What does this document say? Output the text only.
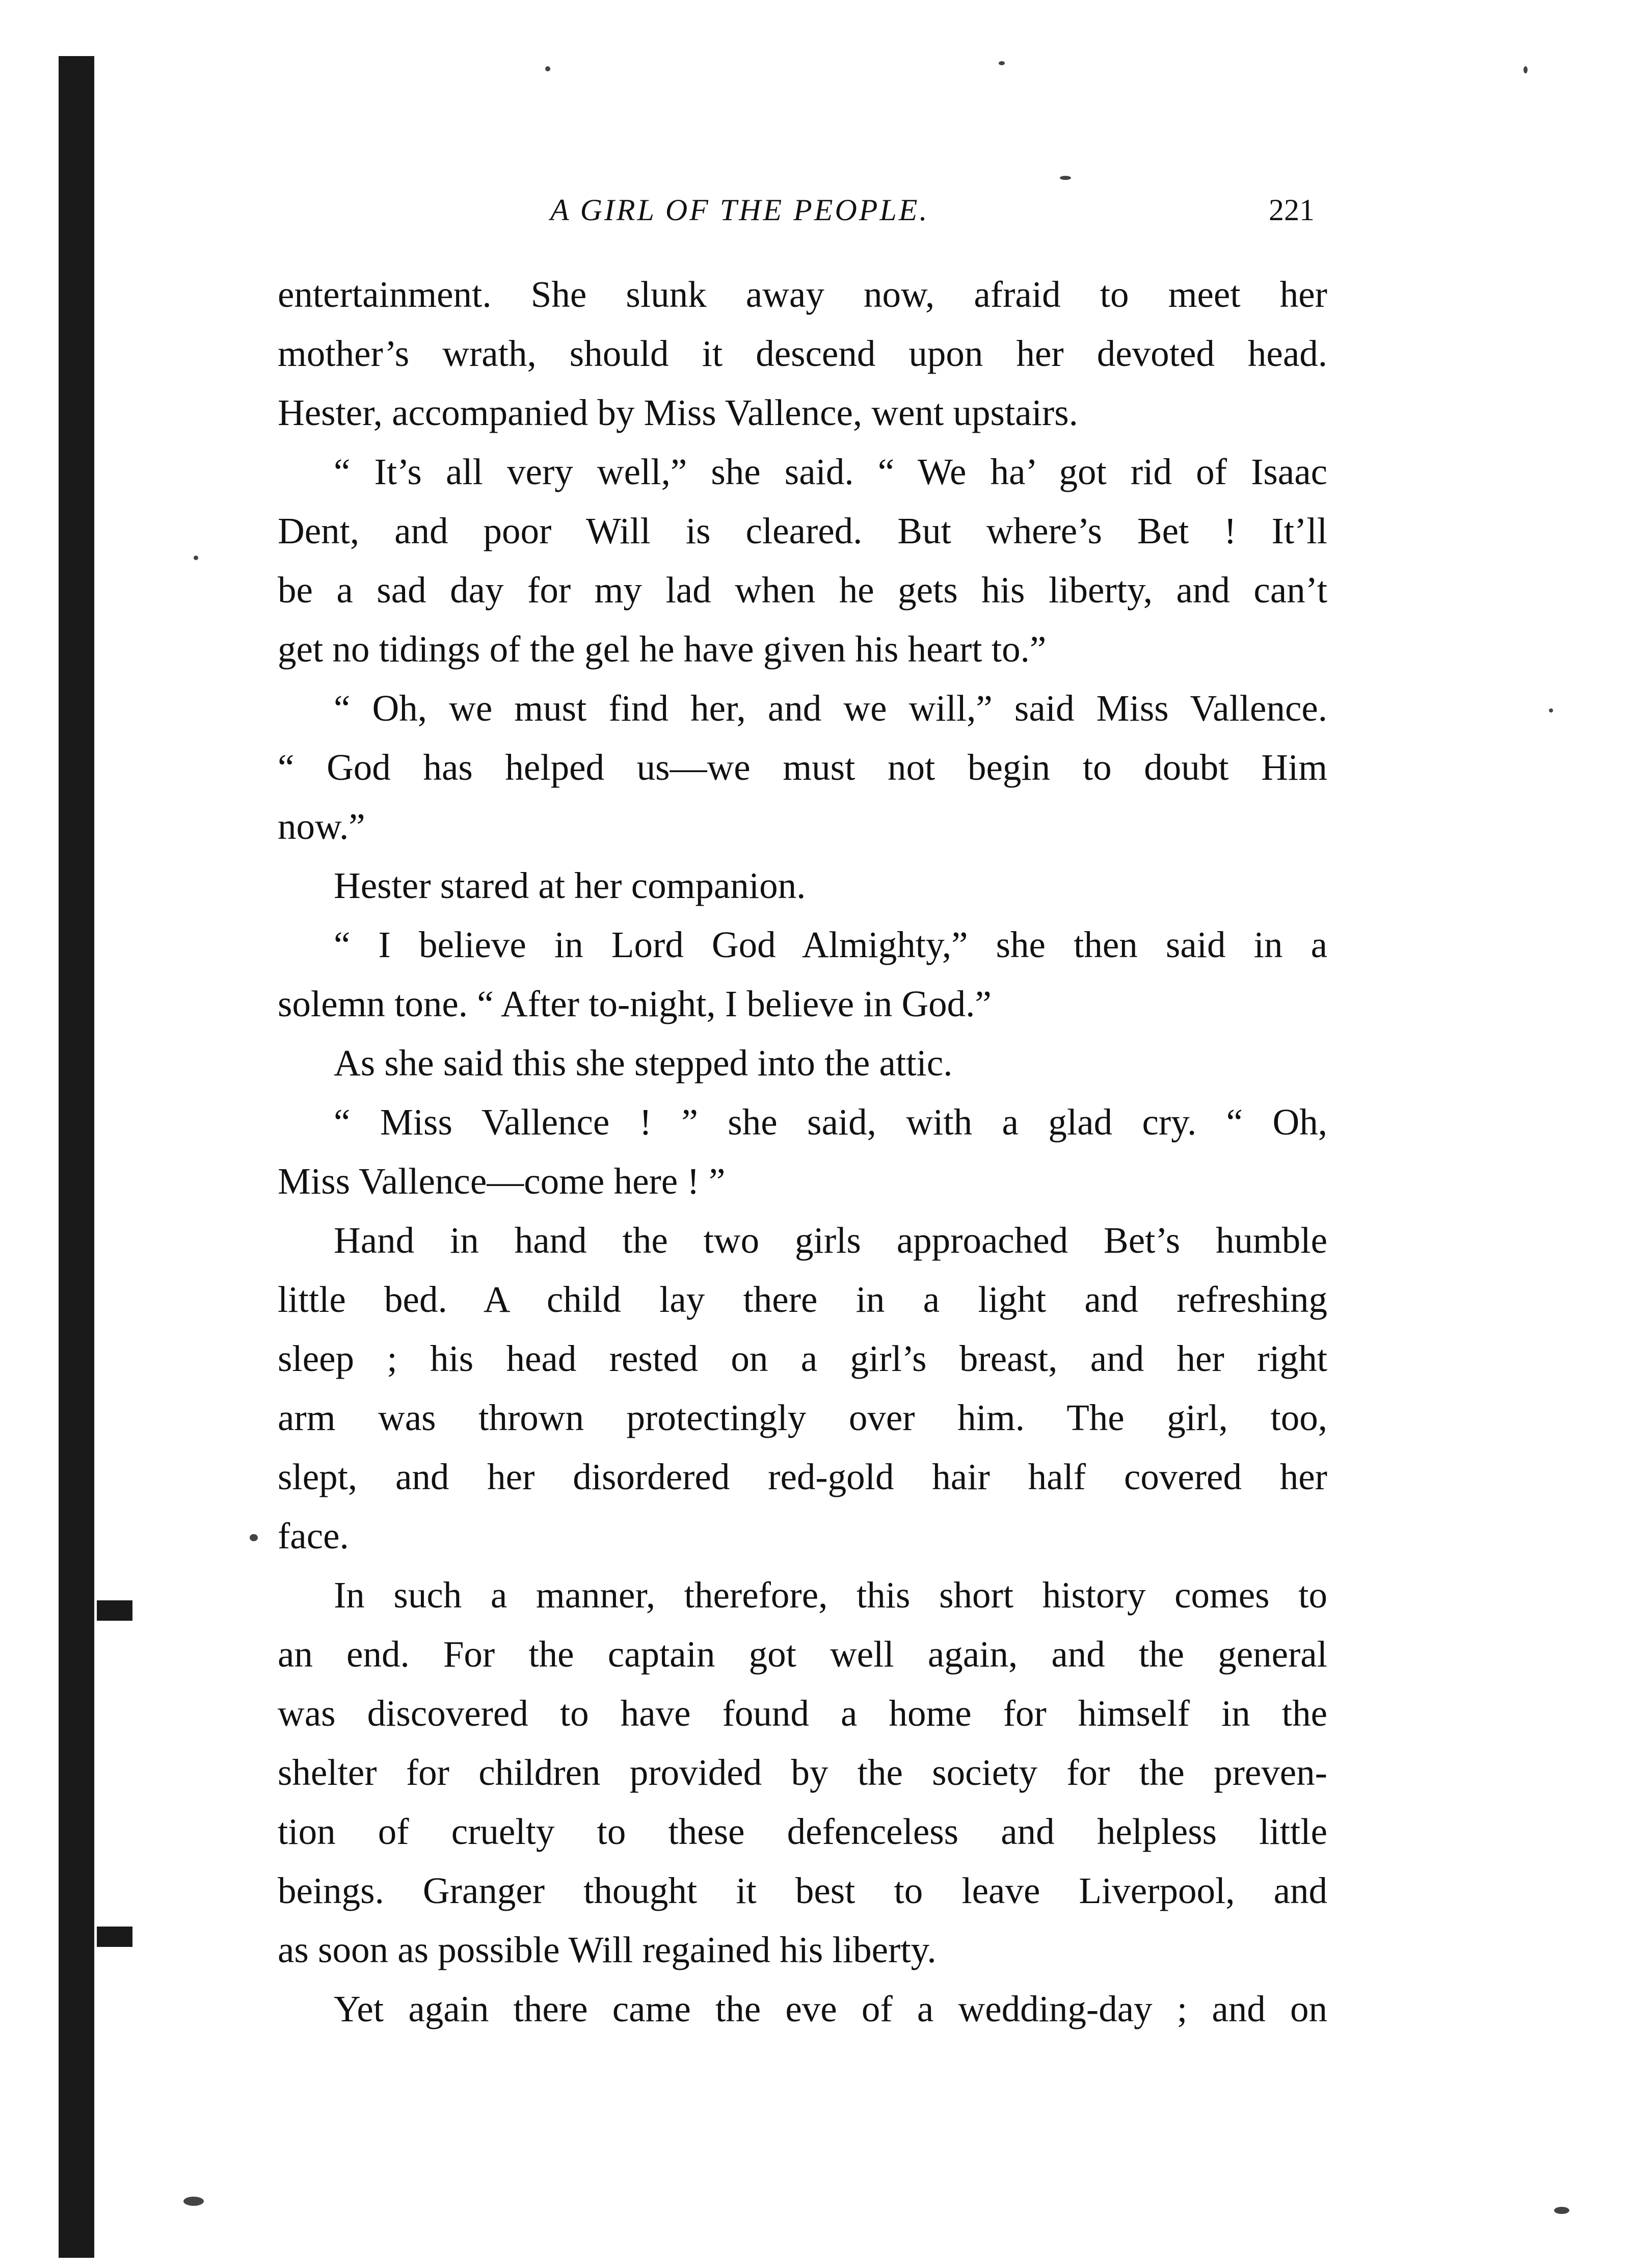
A GIRL OF THE PEOPLE.	221
entertainment. She slunk away now, afraid to meet her
mother’s wrath, should it descend upon her devoted head.
Hester, accompanied by Miss Vallence, went upstairs.
“ It’s all very well,” she said. “ We ha’ got rid of Isaac
Dent, and poor Will is cleared. But where’s Bet ! It’ll
be a sad day for my lad when he gets his liberty, and can’t
get no tidings of the gel he have given his heart to.”
“ Oh, we must find her, and we will,” said Miss Vallence.
“ God has helped us—we must not begin to doubt Him
now.”
Hester stared at her companion.
“ I believe in Lord God Almighty,” she then said in a
solemn tone. “ After to-night, I believe in God.”
As she said this she stepped into the attic.
“ Miss Vallence ! ” she said, with a glad cry. “ Oh,
Miss Vallence—come here ! ”
Hand in hand the two girls approached Bet’s humble
little bed. A child lay there in a light and refreshing
sleep ; his head rested on a girl’s breast, and her right
arm was thrown protectingly over him. The girl, too,
slept, and her disordered red-gold hair half covered her
face.
In such a manner, therefore, this short history comes to
an end. For the captain got well again, and the general
was discovered to have found a home for himself in the
shelter for children provided by the society for the preven-
tion of cruelty to these defenceless and helpless little
beings. Granger thought it best to leave Liverpool, and
as soon as possible Will regained his liberty.
Yet again there came the eve of a wedding-day ; and on
